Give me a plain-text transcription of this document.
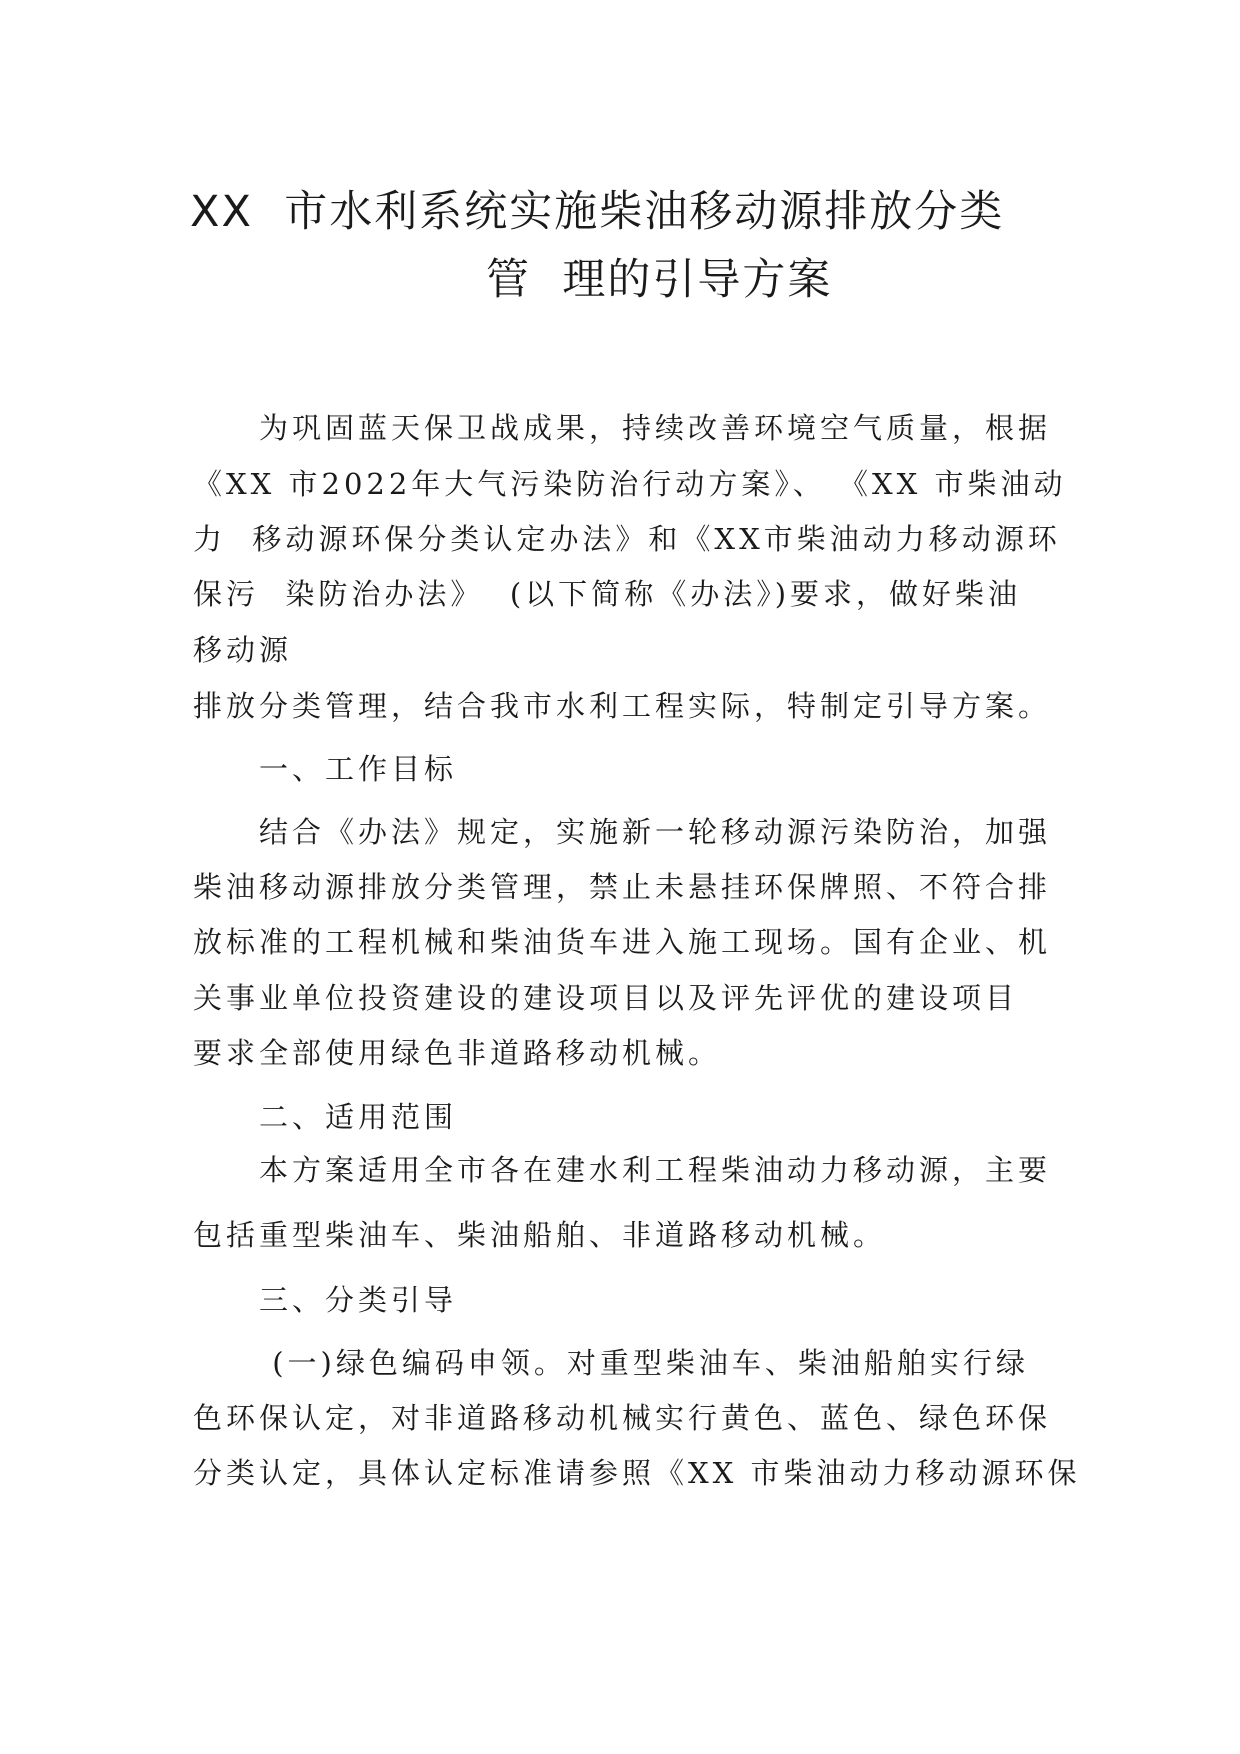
XX  市水利系统实施柴油移动源排放分类
管  理的引导方案
为巩固蓝天保卫战成果，持续改善环境空气质量，根据
《XX 市2022年大气污染防治行动方案》、 《XX 市柴油动
力  移动源环保分类认定办法》和《XX市柴油动力移动源环
保污  染防治办法》  (以下简称《办法》)要求，做好柴油
移动源
排放分类管理，结合我市水利工程实际，特制定引导方案。
一、工作目标
结合《办法》规定，实施新一轮移动源污染防治，加强
柴油移动源排放分类管理，禁止未悬挂环保牌照、不符合排
放标准的工程机械和柴油货车进入施工现场。国有企业、机
关事业单位投资建设的建设项目以及评先评优的建设项目
要求全部使用绿色非道路移动机械。
二、适用范围
本方案适用全市各在建水利工程柴油动力移动源，主要
包括重型柴油车、柴油船舶、非道路移动机械。
三、分类引导
(一)绿色编码申领。对重型柴油车、柴油船舶实行绿
色环保认定，对非道路移动机械实行黄色、蓝色、绿色环保
分类认定，具体认定标准请参照《XX 市柴油动力移动源环保
